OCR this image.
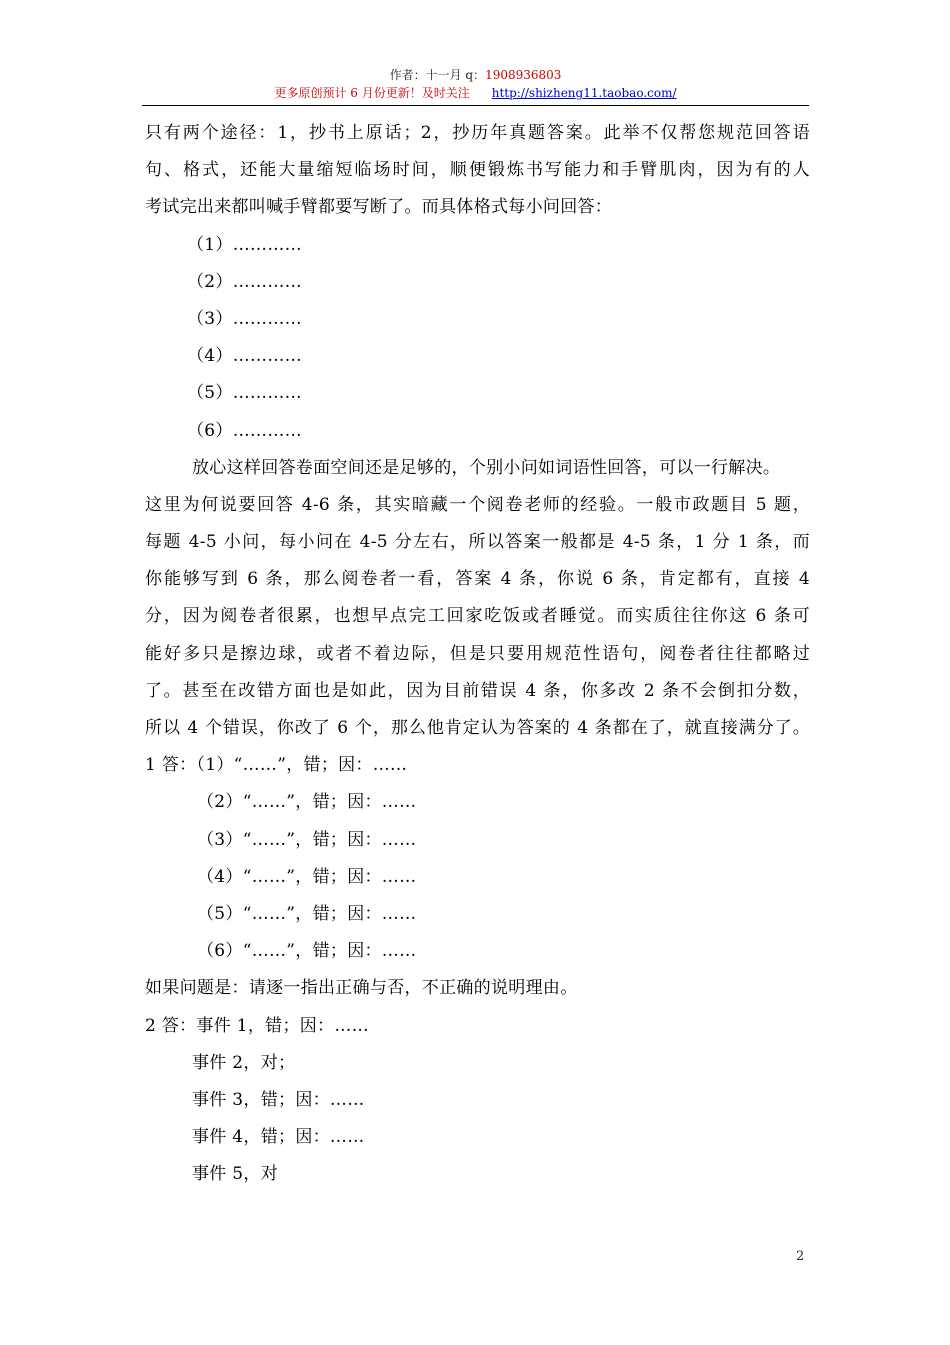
作者：十一月 q：1908936803
更多原创预计 6 月份更新！及时关注 http://shizheng11.taobao.com/
只有两个途径：1，抄书上原话；2，抄历年真题答案。此举不仅帮您规范回答语
句、格式，还能大量缩短临场时间，顺便锻炼书写能力和手臂肌肉，因为有的人
考试完出来都叫喊手臂都要写断了。而具体格式每小问回答：
（1）…………
（2）…………
（3）…………
（4）…………
（5）…………
（6）…………
放心这样回答卷面空间还是足够的，个别小问如词语性回答，可以一行解决。
这里为何说要回答 4-6 条，其实暗藏一个阅卷老师的经验。一般市政题目 5 题，
每题 4-5 小问，每小问在 4-5 分左右，所以答案一般都是 4-5 条，1 分 1 条，而
你能够写到 6 条，那么阅卷者一看，答案 4 条，你说 6 条，肯定都有，直接 4
分，因为阅卷者很累，也想早点完工回家吃饭或者睡觉。而实质往往你这 6 条可
能好多只是擦边球，或者不着边际，但是只要用规范性语句，阅卷者往往都略过
了。甚至在改错方面也是如此，因为目前错误 4 条，你多改 2 条不会倒扣分数，
所以 4 个错误，你改了 6 个，那么他肯定认为答案的 4 条都在了，就直接满分了。
1 答：（1）“……”，错；因：……
（2）“……”，错；因：……
（3）“……”，错；因：……
（4）“……”，错；因：……
（5）“……”，错；因：……
（6）“……”，错；因：……
如果问题是：请逐一指出正确与否，不正确的说明理由。
2 答：事件 1，错；因：……
事件 2，对；
事件 3，错；因：……
事件 4，错；因：……
事件 5，对
2
